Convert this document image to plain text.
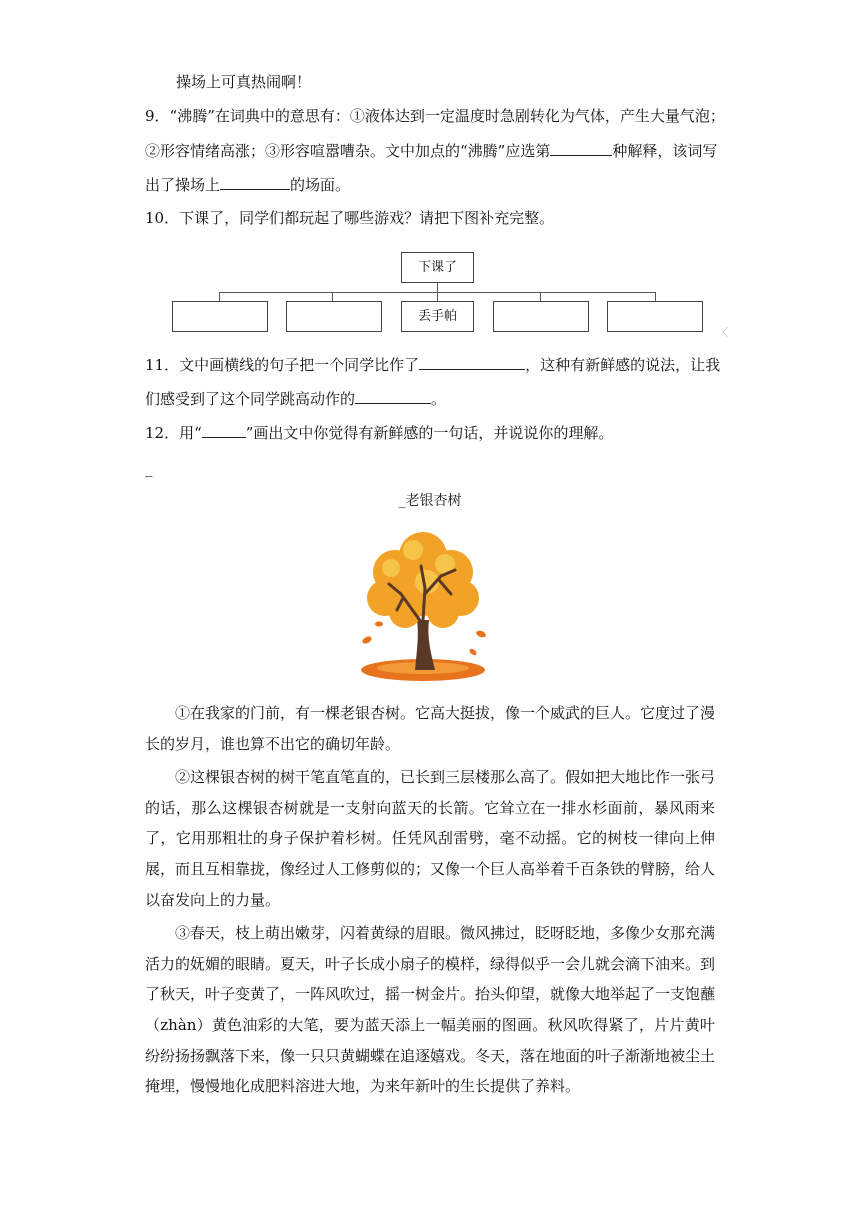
操场上可真热闹啊！
9．“沸腾”在词典中的意思有：①液体达到一定温度时急剧转化为气体，产生大量气泡；
②形容情绪高涨；③形容喧嚣嘈杂。文中加点的“沸腾”应选第	种解释，该词写
出了操场上	的场面。
10．下课了，同学们都玩起了哪些游戏？请把下图补充完整。
下课了
丢手帕
〈
11．文中画横线的句子把一个同学比作了	，这种有新鲜感的说法，让我
们感受到了这个同学跳高动作的	。
12．用“	”画出文中你觉得有新鲜感的一句话，并说说你的理解。
_
_老银杏树

①在我家的门前，有一棵老银杏树。它高大挺拔，像一个威武的巨人。它度过了漫长的岁月，谁也算不出它的确切年龄。

②这棵银杏树的树干笔直笔直的，已长到三层楼那么高了。假如把大地比作一张弓的话，那么这棵银杏树就是一支射向蓝天的长箭。它耸立在一排水杉面前，暴风雨来了，它用那粗壮的身子保护着杉树。任凭风刮雷劈，毫不动摇。它的树枝一律向上伸展，而且互相靠拢，像经过人工修剪似的；又像一个巨人高举着千百条铁的臂膀，给人以奋发向上的力量。

③春天，枝上萌出嫩芽，闪着黄绿的眉眼。微风拂过，眨呀眨地，多像少女那充满活力的妩媚的眼睛。夏天，叶子长成小扇子的模样，绿得似乎一会儿就会滴下油来。到了秋天，叶子变黄了，一阵风吹过，摇一树金片。抬头仰望，就像大地举起了一支饱蘸（zhàn）黄色油彩的大笔，要为蓝天添上一幅美丽的图画。秋风吹得紧了，片片黄叶纷纷扬扬飘落下来，像一只只黄蝴蝶在追逐嬉戏。冬天，落在地面的叶子渐渐地被尘土掩埋，慢慢地化成肥料溶进大地，为来年新叶的生长提供了养料。
